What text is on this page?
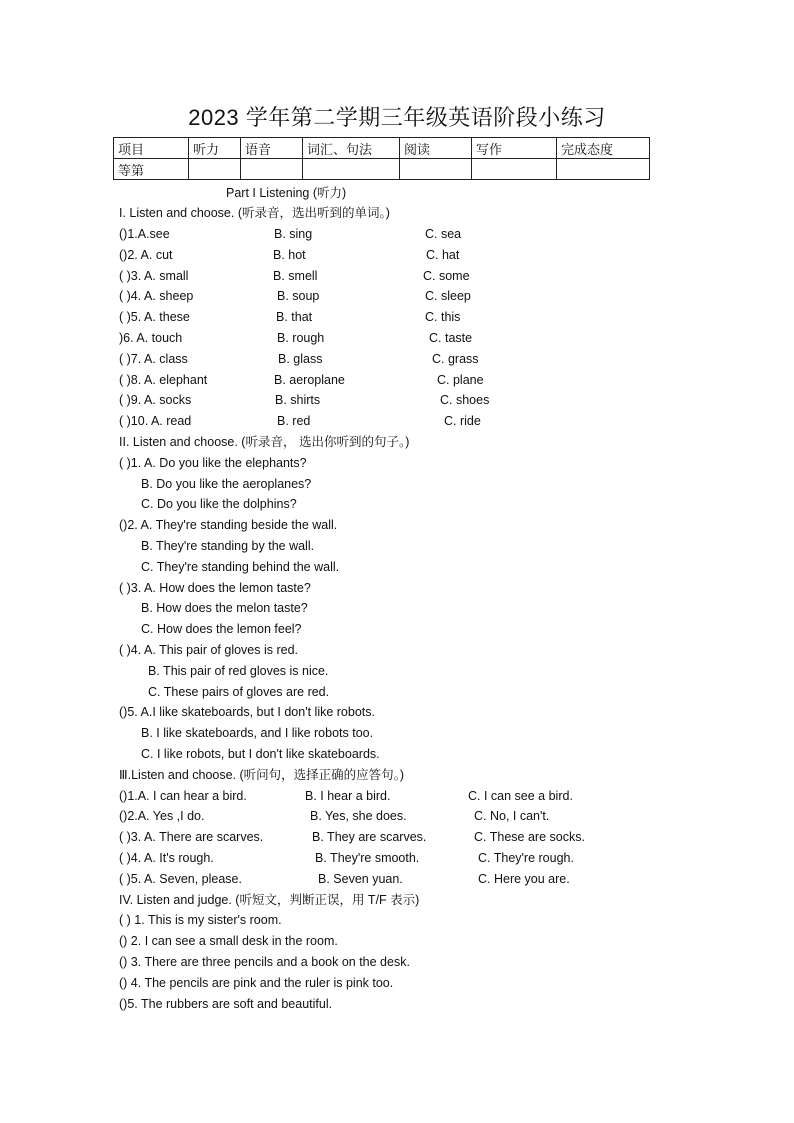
2023 学年第二学期三年级英语阶段小练习
项目	听力	语音	词汇、句法	阅读	写作	完成态度
等第						
Part I Listening (听力)
I. Listen and choose. (听录音，选出听到的单词。)
()1.A.see	B. sing	C. sea
()2. A. cut	B. hot	C. hat
( )3. A. small	B. smell	C. some
( )4. A. sheep	B. soup	C. sleep
( )5. A. these	B. that	C. this
)6. A. touch	B. rough	C. taste
( )7. A. class	B. glass	C. grass
( )8. A. elephant	B. aeroplane	C. plane
( )9. A. socks	B. shirts	C. shoes
( )10. A. read	B. red	C. ride
II. Listen and choose. (听录音， 选出你听到的句子。)
( )1. A. Do you like the elephants?
B. Do you like the aeroplanes?
C. Do you like the dolphins?
()2. A. They're standing beside the wall.
B. They're standing by the wall.
C. They're standing behind the wall.
( )3. A. How does the lemon taste?
B. How does the melon taste?
C. How does the lemon feel?
( )4. A. This pair of gloves is red.
B. This pair of red gloves is nice.
C. These pairs of gloves are red.
()5. A.I like skateboards, but I don't like robots.
B. I like skateboards, and I like robots too.
C. I like robots, but I don't like skateboards.
Ⅲ.Listen and choose. (听问句，选择正确的应答句。)
()1.A. I can hear a bird.	B. I hear a bird.	C. I can see a bird.
()2.A. Yes ,I do.	B. Yes, she does.	C. No, I can't.
( )3. A. There are scarves.	B. They are scarves.	C. These are socks.
( )4. A. It's rough.	B. They're smooth.	C. They're rough.
( )5. A. Seven, please.	B. Seven yuan.	C. Here you are.
IV. Listen and judge. (听短文，判断正误，用 T/F 表示)
( ) 1. This is my sister's room.
() 2. I can see a small desk in the room.
() 3. There are three pencils and a book on the desk.
() 4. The pencils are pink and the ruler is pink too.
()5. The rubbers are soft and beautiful.
